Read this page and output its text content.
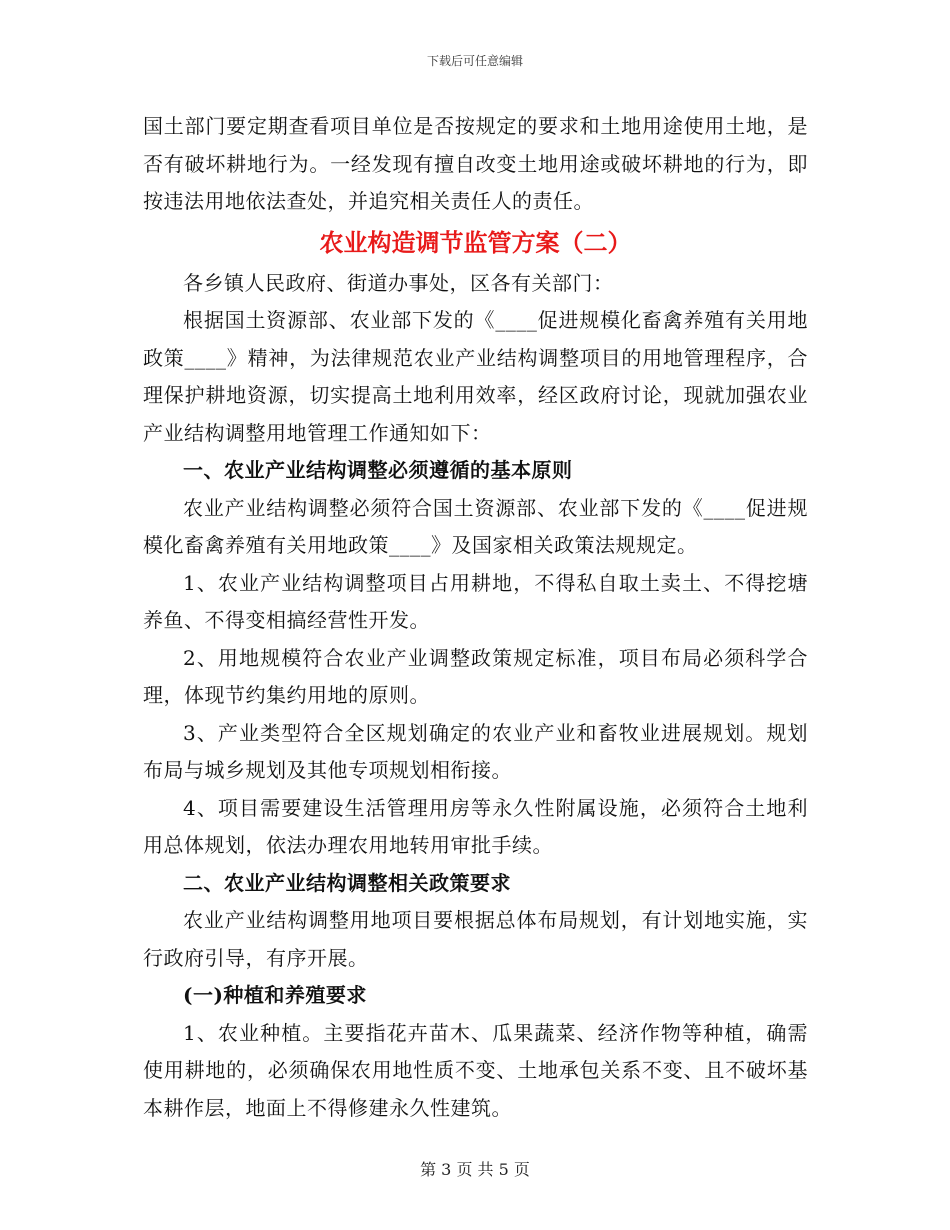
下载后可任意编辑

国土部门要定期查看项目单位是否按规定的要求和土地用途使用土地，是否有破坏耕地行为。一经发现有擅自改变土地用途或破坏耕地的行为，即按违法用地依法查处，并追究相关责任人的责任。

农业构造调节监管方案（二）

各乡镇人民政府、街道办事处，区各有关部门：

根据国土资源部、农业部下发的《____促进规模化畜禽养殖有关用地政策____》精神，为法律规范农业产业结构调整项目的用地管理程序，合理保护耕地资源，切实提高土地利用效率，经区政府讨论，现就加强农业产业结构调整用地管理工作通知如下：

一、农业产业结构调整必须遵循的基本原则

农业产业结构调整必须符合国土资源部、农业部下发的《____促进规模化畜禽养殖有关用地政策____》及国家相关政策法规规定。

1、农业产业结构调整项目占用耕地，不得私自取土卖土、不得挖塘养鱼、不得变相搞经营性开发。

2、用地规模符合农业产业调整政策规定标准，项目布局必须科学合理，体现节约集约用地的原则。

3、产业类型符合全区规划确定的农业产业和畜牧业进展规划。规划布局与城乡规划及其他专项规划相衔接。

4、项目需要建设生活管理用房等永久性附属设施，必须符合土地利用总体规划，依法办理农用地转用审批手续。

二、农业产业结构调整相关政策要求

农业产业结构调整用地项目要根据总体布局规划，有计划地实施，实行政府引导，有序开展。

(一)种植和养殖要求

1、农业种植。主要指花卉苗木、瓜果蔬菜、经济作物等种植，确需使用耕地的，必须确保农用地性质不变、土地承包关系不变、且不破坏基本耕作层，地面上不得修建永久性建筑。

第 3 页 共 5 页
